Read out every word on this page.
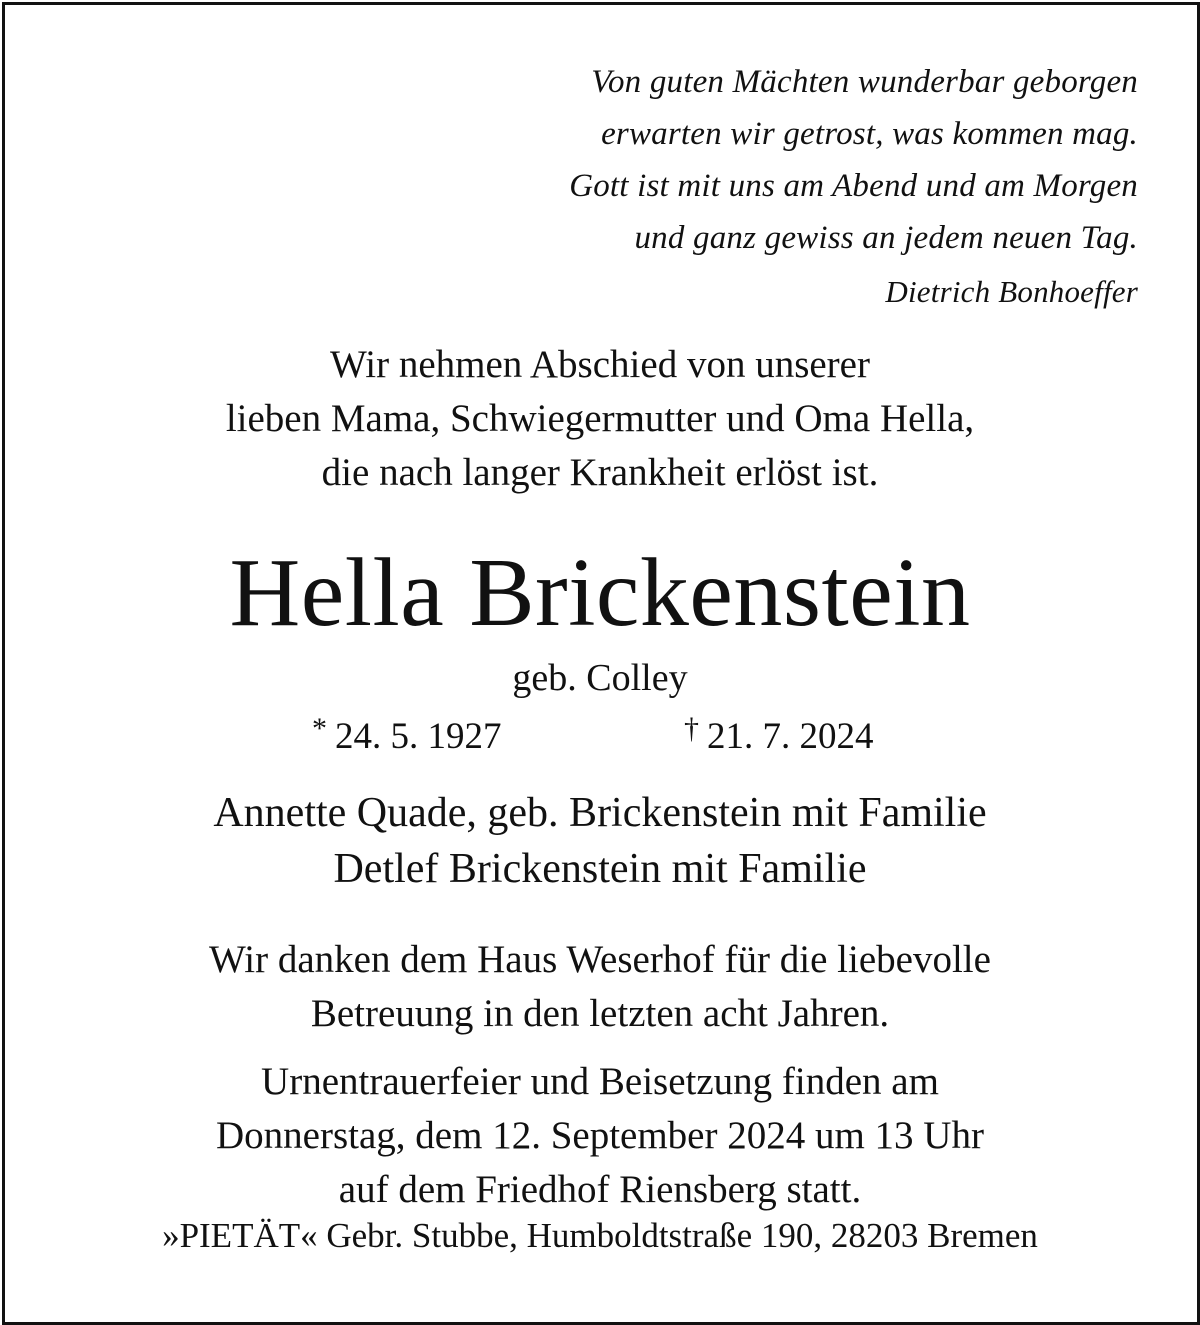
Von guten Mächten wunderbar geborgen
erwarten wir getrost, was kommen mag.
Gott ist mit uns am Abend und am Morgen
und ganz gewiss an jedem neuen Tag.
Dietrich Bonhoeffer
Wir nehmen Abschied von unserer
lieben Mama, Schwiegermutter und Oma Hella,
die nach langer Krankheit erlöst ist.
Hella Brickenstein
geb. Colley
* 24. 5. 1927	† 21. 7. 2024
Annette Quade, geb. Brickenstein mit Familie
Detlef Brickenstein mit Familie
Wir danken dem Haus Weserhof für die liebevolle
Betreuung in den letzten acht Jahren.
Urnentrauerfeier und Beisetzung finden am
Donnerstag, dem 12. September 2024 um 13 Uhr
auf dem Friedhof Riensberg statt.
»PIETÄT« Gebr. Stubbe, Humboldtstraße 190, 28203 Bremen
